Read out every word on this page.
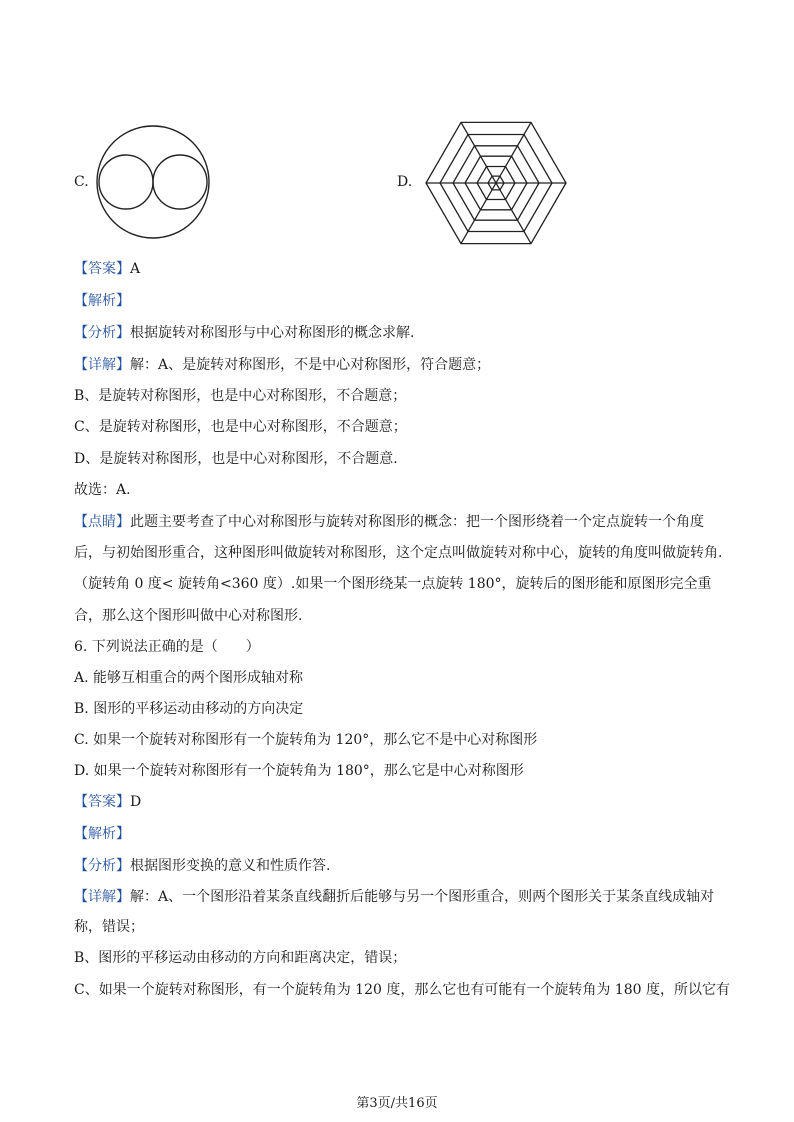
C.	D.
【答案】A
【解析】
【分析】根据旋转对称图形与中心对称图形的概念求解.
【详解】解：A、是旋转对称图形，不是中心对称图形，符合题意；
B、是旋转对称图形，也是中心对称图形，不合题意；
C、是旋转对称图形，也是中心对称图形，不合题意；
D、是旋转对称图形，也是中心对称图形，不合题意.
故选：A.
【点睛】此题主要考查了中心对称图形与旋转对称图形的概念：把一个图形绕着一个定点旋转一个角度
后，与初始图形重合，这种图形叫做旋转对称图形，这个定点叫做旋转对称中心，旋转的角度叫做旋转角.
（旋转角 0 度< 旋转角<360 度）.如果一个图形绕某一点旋转 180°，旋转后的图形能和原图形完全重
合，那么这个图形叫做中心对称图形.
6. 下列说法正确的是（　　）
A. 能够互相重合的两个图形成轴对称
B. 图形的平移运动由移动的方向决定
C. 如果一个旋转对称图形有一个旋转角为 120°，那么它不是中心对称图形
D. 如果一个旋转对称图形有一个旋转角为 180°，那么它是中心对称图形
【答案】D
【解析】
【分析】根据图形变换的意义和性质作答.
【详解】解：A、一个图形沿着某条直线翻折后能够与另一个图形重合，则两个图形关于某条直线成轴对
称，错误；
B、图形的平移运动由移动的方向和距离决定，错误；
C、如果一个旋转对称图形，有一个旋转角为 120 度，那么它也有可能有一个旋转角为 180 度，所以它有
第3页/共16页
